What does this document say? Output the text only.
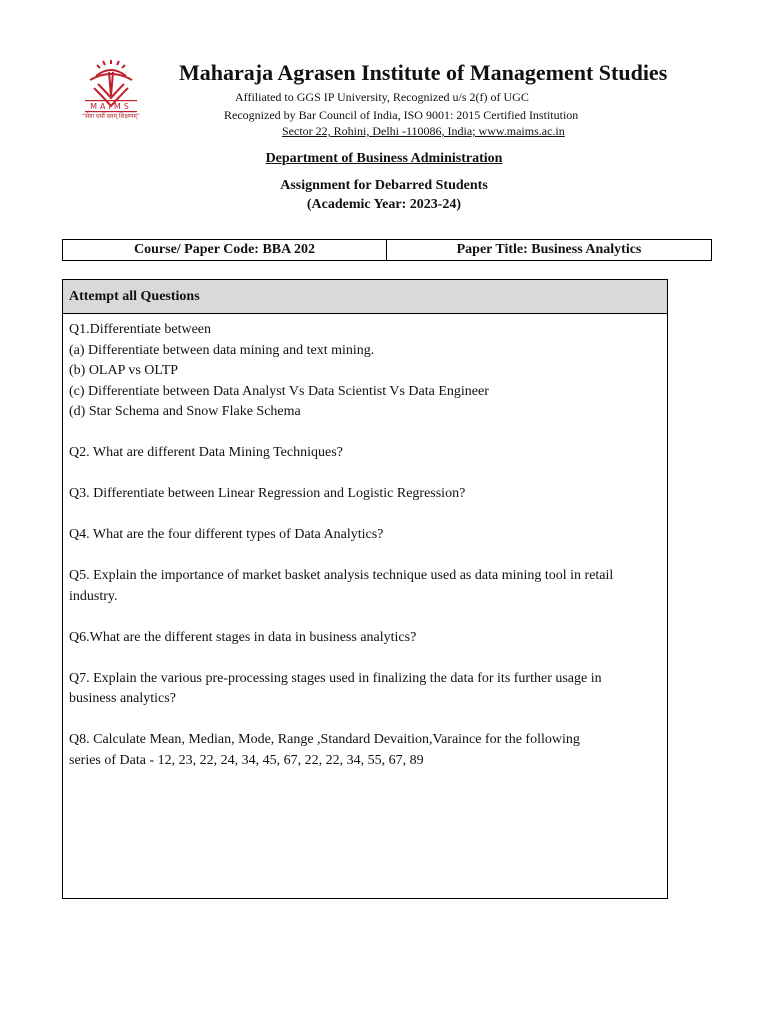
MAIMS
“सेवा धर्मो दमम् शिक्षणम्”
Maharaja Agrasen Institute of Management Studies
Affiliated to GGS IP University, Recognized u/s 2(f) of UGC
Recognized by Bar Council of India, ISO 9001: 2015 Certified Institution
Sector 22, Rohini, Delhi -110086, India; www.maims.ac.in
Department of Business Administration
Assignment for Debarred Students
(Academic Year: 2023-24)
Course/ Paper Code: BBA 202	Paper Title: Business Analytics
Attempt all Questions

Q1.Differentiate between

(a) Differentiate between data mining and text mining.

(b) OLAP vs OLTP

(c) Differentiate between Data Analyst Vs Data Scientist Vs Data Engineer

(d) Star Schema and Snow Flake Schema

Q2. What are different Data Mining Techniques?

Q3. Differentiate between Linear Regression and Logistic Regression?

Q4. What are the four different types of Data Analytics?

Q5. Explain the importance of market basket analysis technique used as data mining tool in retail

industry.

Q6.What are the different stages in data in business analytics?

Q7. Explain the various pre-processing stages used in finalizing the data for its further usage in

business analytics?

Q8. Calculate Mean, Median, Mode, Range ,Standard Devaition,Varaince for the following

series of Data - 12, 23, 22, 24, 34, 45, 67, 22, 22, 34, 55, 67, 89
